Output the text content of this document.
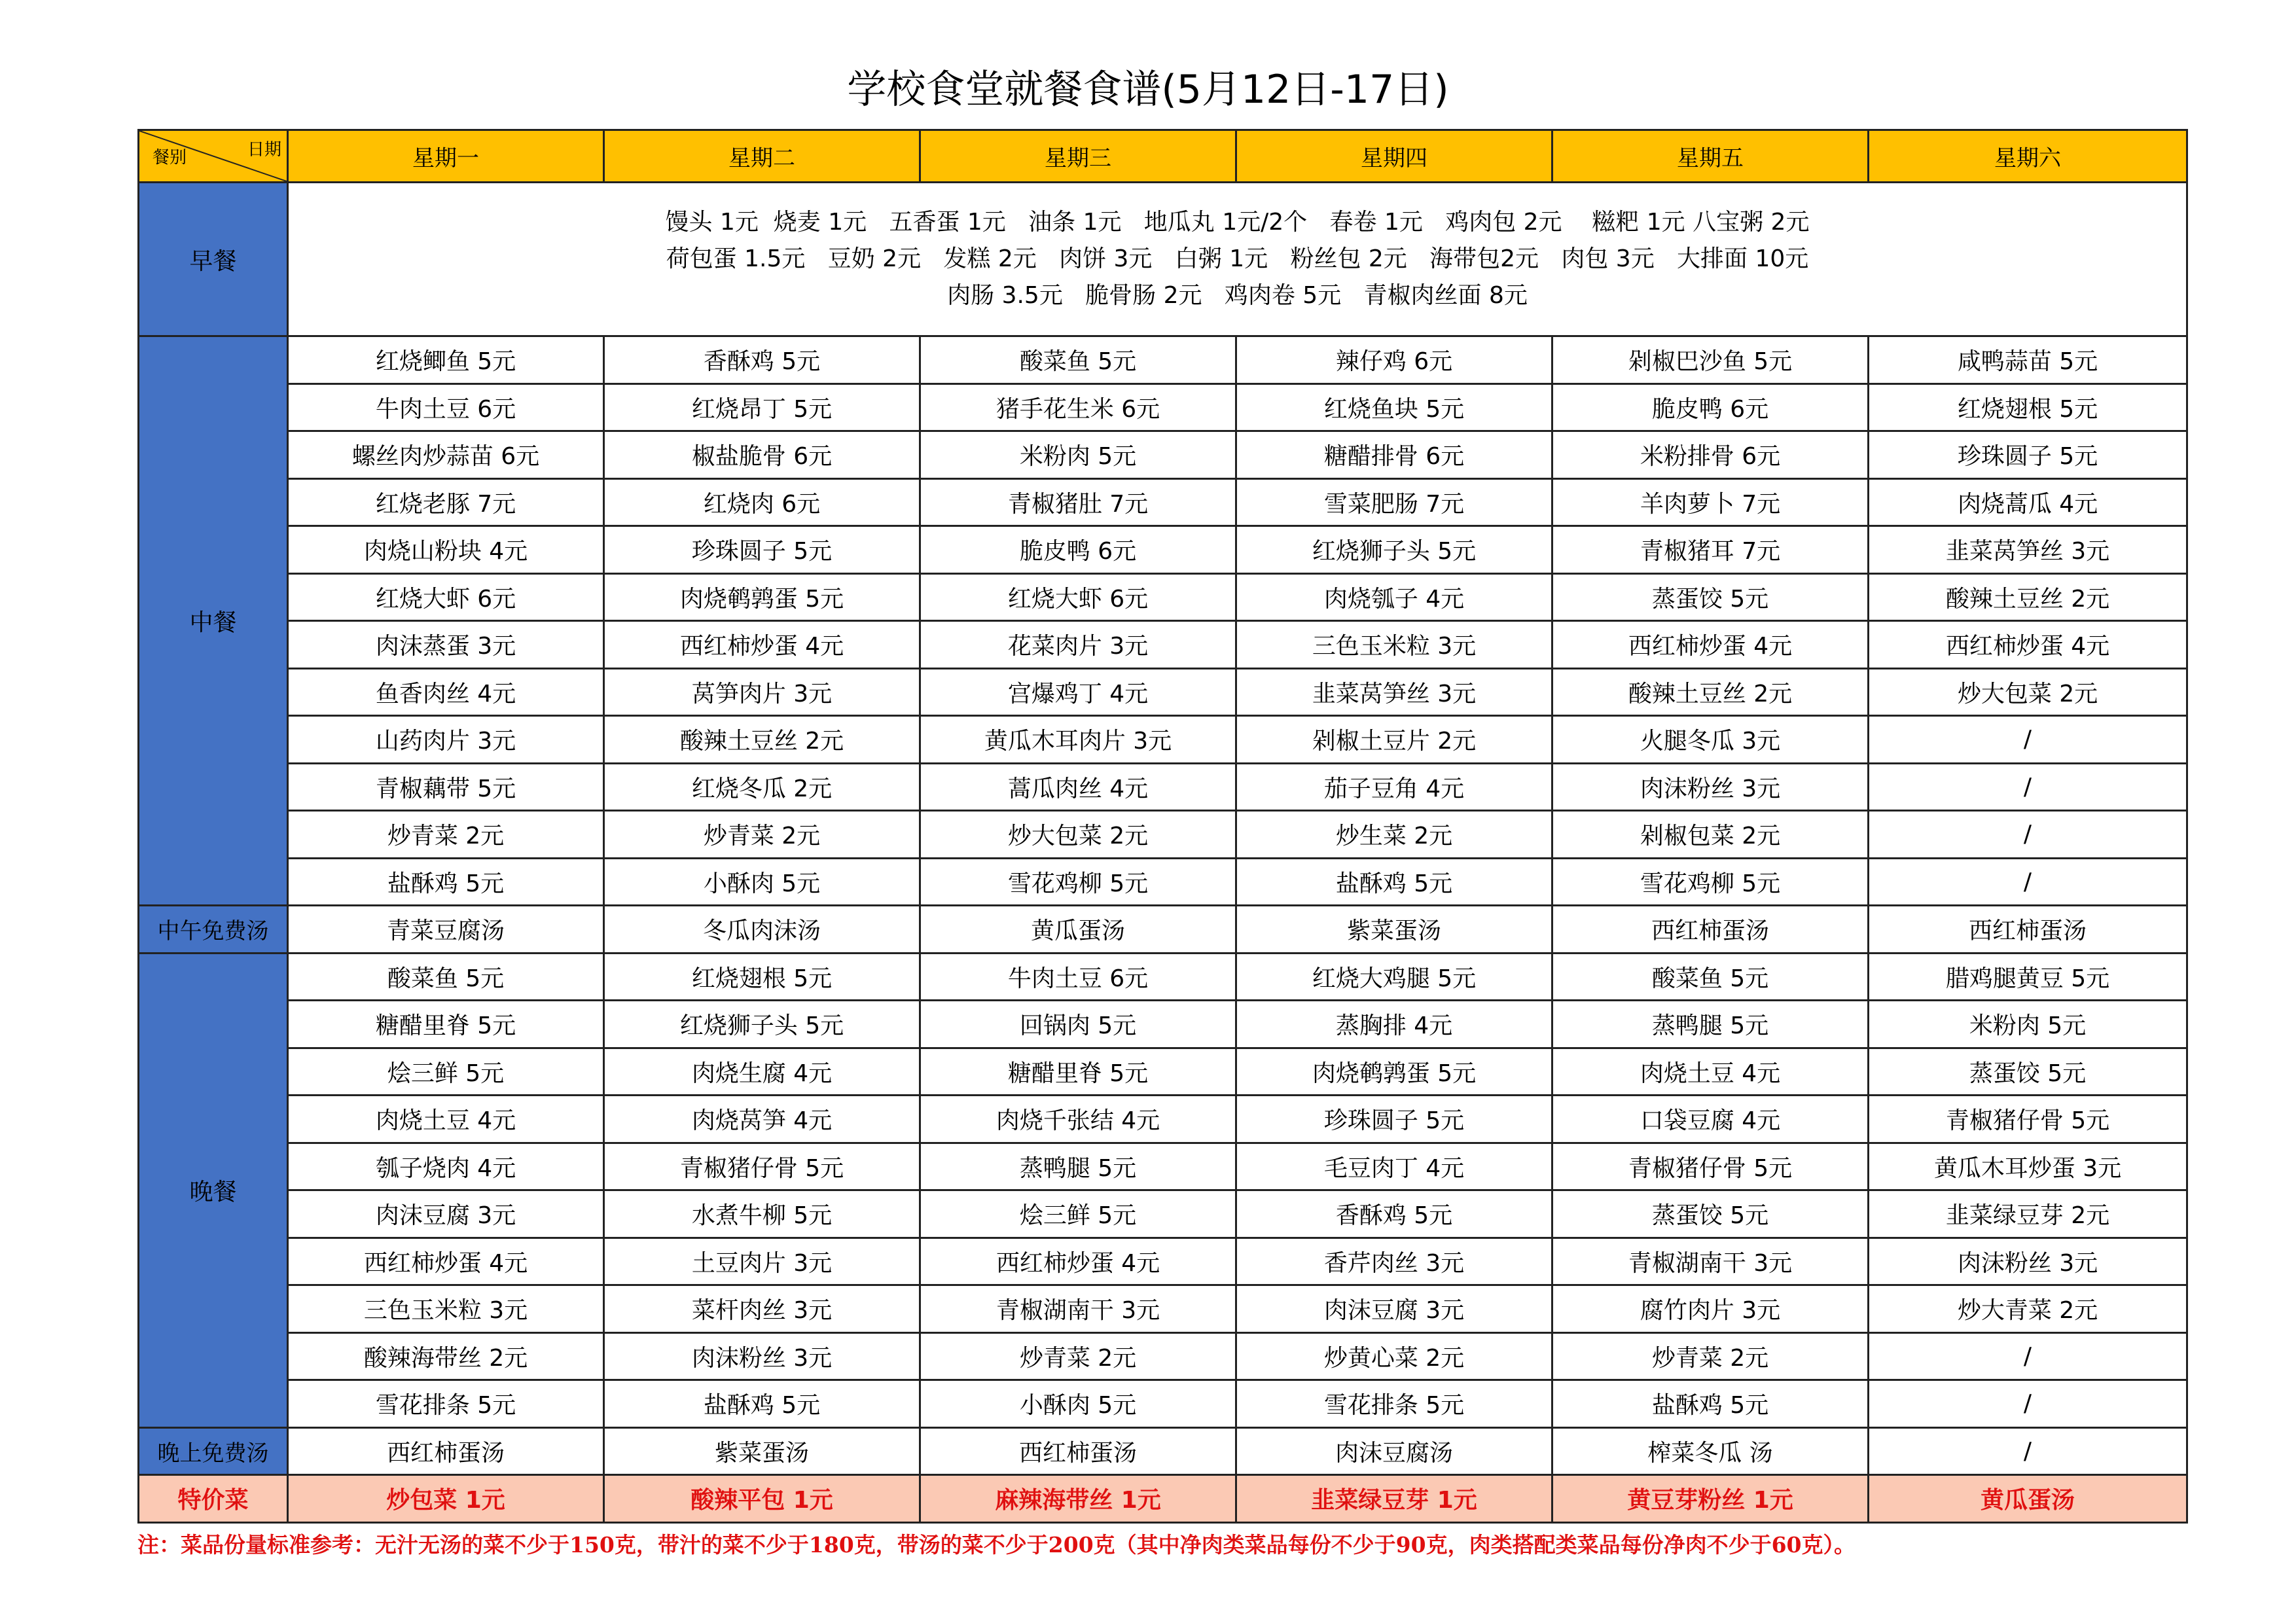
学校食堂就餐食谱(5月12日-17日)
日期
餐别	星期一	星期二	星期三	星期四	星期五	星期六
早餐	馒头 1元  烧麦 1元   五香蛋 1元   油条 1元   地瓜丸 1元/2个   春卷 1元   鸡肉包 2元    糍粑 1元 八宝粥 2元
荷包蛋 1.5元   豆奶 2元   发糕 2元   肉饼 3元   白粥 1元   粉丝包 2元   海带包2元   肉包 3元   大排面 10元
肉肠 3.5元   脆骨肠 2元   鸡肉卷 5元   青椒肉丝面 8元					

中餐	红烧鲫鱼 5元	香酥鸡 5元	酸菜鱼 5元	辣仔鸡 6元	剁椒巴沙鱼 5元	咸鸭蒜苗 5元
	牛肉土豆 6元	红烧昂丁 5元	猪手花生米 6元	红烧鱼块 5元	脆皮鸭 6元	红烧翅根 5元
	螺丝肉炒蒜苗 6元	椒盐脆骨 6元	米粉肉 5元	糖醋排骨 6元	米粉排骨 6元	珍珠圆子 5元
	红烧老豚 7元	红烧肉 6元	青椒猪肚 7元	雪菜肥肠 7元	羊肉萝卜 7元	肉烧蒿瓜 4元
	肉烧山粉块 4元	珍珠圆子 5元	脆皮鸭 6元	红烧狮子头 5元	青椒猪耳 7元	韭菜莴笋丝 3元
	红烧大虾 6元	肉烧鹌鹑蛋 5元	红烧大虾 6元	肉烧瓠子 4元	蒸蛋饺 5元	酸辣土豆丝 2元
	肉沫蒸蛋 3元	西红柿炒蛋 4元	花菜肉片 3元	三色玉米粒 3元	西红柿炒蛋 4元	西红柿炒蛋 4元
	鱼香肉丝 4元	莴笋肉片 3元	宫爆鸡丁 4元	韭菜莴笋丝 3元	酸辣土豆丝 2元	炒大包菜 2元
	山药肉片 3元	酸辣土豆丝 2元	黄瓜木耳肉片 3元	剁椒土豆片 2元	火腿冬瓜 3元	/
	青椒藕带 5元	红烧冬瓜 2元	蒿瓜肉丝 4元	茄子豆角 4元	肉沫粉丝 3元	/
	炒青菜 2元	炒青菜 2元	炒大包菜 2元	炒生菜 2元	剁椒包菜 2元	/
	盐酥鸡 5元	小酥肉 5元	雪花鸡柳 5元	盐酥鸡 5元	雪花鸡柳 5元	/
中午免费汤	青菜豆腐汤	冬瓜肉沫汤	黄瓜蛋汤	紫菜蛋汤	西红柿蛋汤	西红柿蛋汤
晚餐	酸菜鱼 5元	红烧翅根 5元	牛肉土豆 6元	红烧大鸡腿 5元	酸菜鱼 5元	腊鸡腿黄豆 5元
	糖醋里脊 5元	红烧狮子头 5元	回锅肉 5元	蒸胸排 4元	蒸鸭腿 5元	米粉肉 5元
	烩三鲜 5元	肉烧生腐 4元	糖醋里脊 5元	肉烧鹌鹑蛋 5元	肉烧土豆 4元	蒸蛋饺 5元
	肉烧土豆 4元	肉烧莴笋 4元	肉烧千张结 4元	珍珠圆子 5元	口袋豆腐 4元	青椒猪仔骨 5元
	瓠子烧肉 4元	青椒猪仔骨 5元	蒸鸭腿 5元	毛豆肉丁 4元	青椒猪仔骨 5元	黄瓜木耳炒蛋 3元
	肉沫豆腐 3元	水煮牛柳 5元	烩三鲜 5元	香酥鸡 5元	蒸蛋饺 5元	韭菜绿豆芽 2元
	西红柿炒蛋 4元	土豆肉片 3元	西红柿炒蛋 4元	香芹肉丝 3元	青椒湖南干 3元	肉沫粉丝 3元
	三色玉米粒 3元	菜杆肉丝 3元	青椒湖南干 3元	肉沫豆腐 3元	腐竹肉片 3元	炒大青菜 2元
	酸辣海带丝 2元	肉沫粉丝 3元	炒青菜 2元	炒黄心菜 2元	炒青菜 2元	/
	雪花排条 5元	盐酥鸡 5元	小酥肉 5元	雪花排条 5元	盐酥鸡 5元	/
晚上免费汤	西红柿蛋汤	紫菜蛋汤	西红柿蛋汤	肉沫豆腐汤	榨菜冬瓜 汤	/
特价菜	炒包菜 1元	酸辣平包 1元	麻辣海带丝 1元	韭菜绿豆芽 1元	黄豆芽粉丝 1元	黄瓜蛋汤
注：菜品份量标准参考：无汁无汤的菜不少于150克，带汁的菜不少于180克，带汤的菜不少于200克（其中净肉类菜品每份不少于90克，肉类搭配类菜品每份净肉不少于60克）。
